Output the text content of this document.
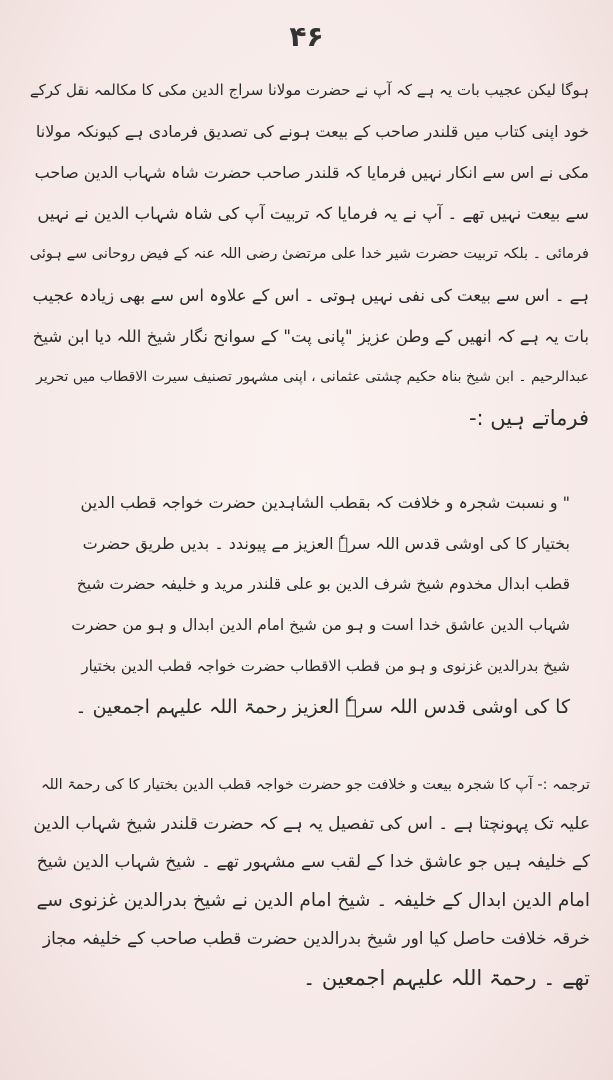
۴۶
ہوگا لیکن عجیب بات یہ ہے کہ آپ نے حضرت مولانا سراج الدین مکی کا مکالمہ نقل کرکے
خود اپنی کتاب میں قلندر صاحب کے بیعت ہونے کی تصدیق فرمادی ہے کیونکہ مولانا
مکی نے اس سے انکار نہیں فرمایا کہ قلندر صاحب حضرت شاہ شہاب الدین صاحب
سے بیعت نہیں تھے ۔ آپ نے یہ فرمایا کہ تربیت آپ کی شاہ شہاب الدین نے نہیں
فرمائی ۔ بلکہ تربیت حضرت شیر خدا علی مرتضیٰ رضی اللہ عنہ کے فیض روحانی سے ہوئی
ہے ۔ اس سے بیعت کی نفی نہیں ہوتی ۔ اس کے علاوہ اس سے بھی زیادہ عجیب
بات یہ ہے کہ انھیں کے وطن عزیز "پانی پت" کے سوانح نگار شیخ اللہ دیا ابن شیخ
عبدالرحیم ۔ ابن شیخ بناہ حکیم چشتی عثمانی ، اپنی مشہور تصنیف سیرت الاقطاب میں تحریر
فرماتے ہیں :-
" و نسبت شجرہ و خلافت کہ بقطب الشاہدین حضرت خواجہ قطب الدین
بختیار کا کی اوشی قدس اللہ سرہٗ العزیز مے پیوندد ۔ بدیں طریق حضرت
قطب ابدال مخدوم شیخ شرف الدین بو علی قلندر مرید و خلیفہ حضرت شیخ
شہاب الدین عاشق خدا است و ہو من شیخ امام الدین ابدال و ہو من حضرت
شیخ بدرالدین غزنوی و ہو من قطب الاقطاب حضرت خواجہ قطب الدین بختیار
کا کی اوشی قدس اللہ سرہٗ العزیز رحمۃ اللہ علیہم اجمعین ۔
ترجمہ :- آپ کا شجرہ بیعت و خلافت جو حضرت خواجہ قطب الدین بختیار کا کی رحمۃ اللہ
علیہ تک پہونچتا ہے ۔ اس کی تفصیل یہ ہے کہ حضرت قلندر شیخ شہاب الدین
کے خلیفہ ہیں جو عاشق خدا کے لقب سے مشہور تھے ۔ شیخ شہاب الدین شیخ
امام الدین ابدال کے خلیفہ ۔ شیخ امام الدین نے شیخ بدرالدین غزنوی سے
خرقہ خلافت حاصل کیا اور شیخ بدرالدین حضرت قطب صاحب کے خلیفہ مجاز
تھے ۔ رحمۃ اللہ علیہم اجمعین ۔
